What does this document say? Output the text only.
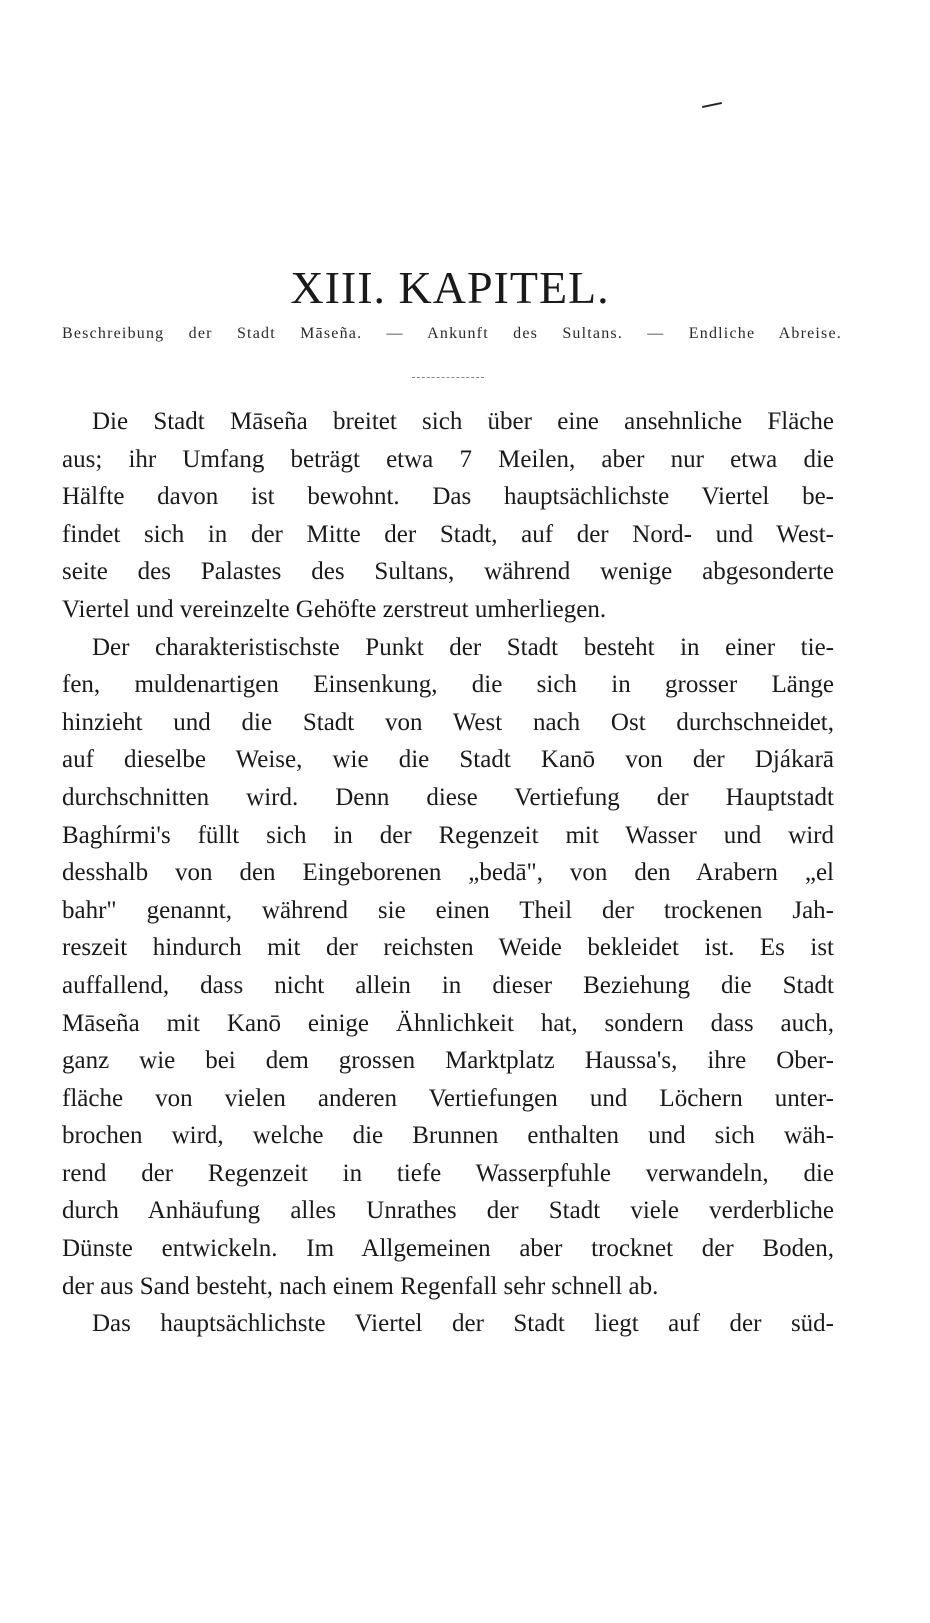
XIII. KAPITEL.

Beschreibung der Stadt Māseña. — Ankunft des Sultans. — Endliche Abreise.

Die Stadt Māseña breitet sich über eine ansehnliche Fläche
aus; ihr Umfang beträgt etwa 7 Meilen, aber nur etwa die
Hälfte davon ist bewohnt. Das hauptsächlichste Viertel be-
findet sich in der Mitte der Stadt, auf der Nord- und West-
seite des Palastes des Sultans, während wenige abgesonderte
Viertel und vereinzelte Gehöfte zerstreut umherliegen.
Der charakteristischste Punkt der Stadt besteht in einer tie-
fen, muldenartigen Einsenkung, die sich in grosser Länge
hinzieht und die Stadt von West nach Ost durchschneidet,
auf dieselbe Weise, wie die Stadt Kanō von der Djákarā
durchschnitten wird. Denn diese Vertiefung der Hauptstadt
Baghírmi's füllt sich in der Regenzeit mit Wasser und wird
desshalb von den Eingeborenen „bedā", von den Arabern „el
bahr" genannt, während sie einen Theil der trockenen Jah-
reszeit hindurch mit der reichsten Weide bekleidet ist. Es ist
auffallend, dass nicht allein in dieser Beziehung die Stadt
Māseña mit Kanō einige Ähnlichkeit hat, sondern dass auch,
ganz wie bei dem grossen Marktplatz Haussa's, ihre Ober-
fläche von vielen anderen Vertiefungen und Löchern unter-
brochen wird, welche die Brunnen enthalten und sich wäh-
rend der Regenzeit in tiefe Wasserpfuhle verwandeln, die
durch Anhäufung alles Unrathes der Stadt viele verderbliche
Dünste entwickeln. Im Allgemeinen aber trocknet der Boden,
der aus Sand besteht, nach einem Regenfall sehr schnell ab.
Das hauptsächlichste Viertel der Stadt liegt auf der süd-
